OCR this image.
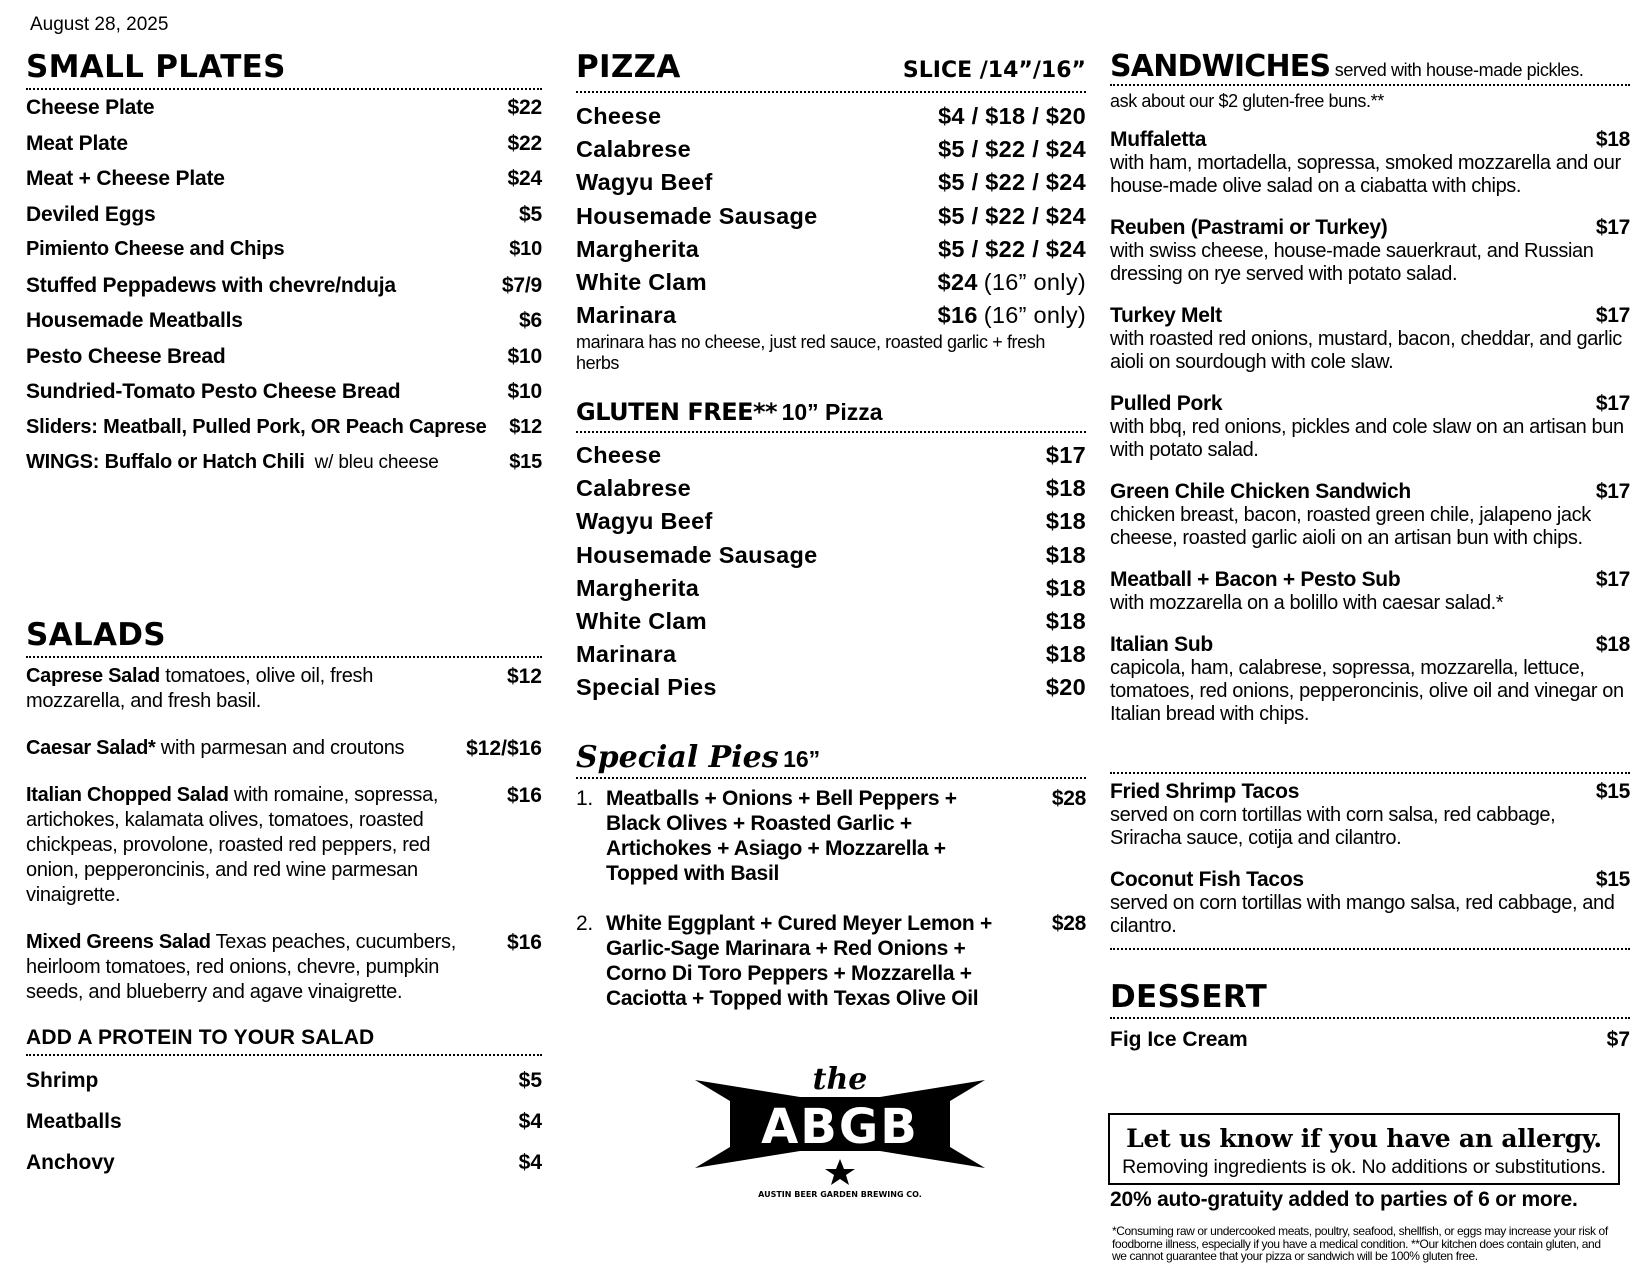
August 28, 2025
SMALL PLATES
Cheese Plate	$22
Meat Plate	$22
Meat + Cheese Plate	$24
Deviled Eggs	$5
Pimiento Cheese and Chips	$10
Stuffed Peppadews with chevre/nduja	$7/9
Housemade Meatballs	$6
Pesto Cheese Bread	$10
Sundried-Tomato Pesto Cheese Bread	$10
Sliders: Meatball, Pulled Pork, OR Peach Caprese $12
WINGS: Buffalo or Hatch Chili w/ bleu cheese	$15
SALADS
Caprese Salad tomatoes, olive oil, fresh mozzarella, and fresh basil.
$12
Caesar Salad* with parmesan and croutons	$12/$16
Italian Chopped Salad with romaine, sopressa, artichokes, kalamata olives, tomatoes, roasted chickpeas, provolone, roasted red peppers, red onion, pepperoncinis, and red wine parmesan vinaigrette.
$16
Mixed Greens Salad Texas peaches, cucumbers, heirloom tomatoes, red onions, chevre, pumpkin seeds, and blueberry and agave vinaigrette.
$16
ADD A PROTEIN TO YOUR SALAD
Shrimp	$5
Meatballs	$4
Anchovy	$4
PIZZA	SLICE /14”/16”
Cheese	$4 / $18 / $20
Calabrese	$5 / $22 / $24
Wagyu Beef	$5 / $22 / $24
Housemade Sausage	$5 / $22 / $24
Margherita	$5 / $22 / $24
White Clam	$24 (16” only)
Marinara	$16 (16” only)
marinara has no cheese, just red sauce, roasted garlic + fresh herbs
GLUTEN FREE** 10” Pizza
Cheese	$17
Calabrese	$18
Wagyu Beef	$18
Housemade Sausage	$18
Margherita	$18
White Clam	$18
Marinara	$18
Special Pies	$20
Special Pies 16”
1. Meatballs + Onions + Bell Peppers + Black Olives + Roasted Garlic + Artichokes + Asiago + Mozzarella + Topped with Basil
$28
2. White Eggplant + Cured Meyer Lemon + Garlic-Sage Marinara + Red Onions + Corno Di Toro Peppers + Mozzarella + Caciotta + Topped with Texas Olive Oil
$28
ABGB
the
AUSTIN BEER GARDEN BREWING CO.
SANDWICHES served with house-made pickles.
ask about our $2 gluten-free buns.**
Muffaletta	$18
with ham, mortadella, sopressa, smoked mozzarella and our house-made olive salad on a ciabatta with chips.
Reuben (Pastrami or Turkey)	$17
with swiss cheese, house-made sauerkraut, and Russian dressing on rye served with potato salad.
Turkey Melt	$17
with roasted red onions, mustard, bacon, cheddar, and garlic aioli on sourdough with cole slaw.
Pulled Pork	$17
with bbq, red onions, pickles and cole slaw on an artisan bun with potato salad.
Green Chile Chicken Sandwich	$17
chicken breast, bacon, roasted green chile, jalapeno jack cheese, roasted garlic aioli on an artisan bun with chips.
Meatball + Bacon + Pesto Sub	$17
with mozzarella on a bolillo with caesar salad.*
Italian Sub	$18
capicola, ham, calabrese, sopressa, mozzarella, lettuce, tomatoes, red onions, pepperoncinis, olive oil and vinegar on Italian bread with chips.
Fried Shrimp Tacos	$15
served on corn tortillas with corn salsa, red cabbage, Sriracha sauce, cotija and cilantro.
Coconut Fish Tacos	$15
served on corn tortillas with mango salsa, red cabbage, and cilantro.
DESSERT
Fig Ice Cream	$7
Let us know if you have an allergy.
Removing ingredients is ok. No additions or substitutions.
20% auto-gratuity added to parties of 6 or more.
*Consuming raw or undercooked meats, poultry, seafood, shellfish, or eggs may increase your risk of foodborne illness, especially if you have a medical condition. **Our kitchen does contain gluten, and we cannot guarantee that your pizza or sandwich will be 100% gluten free.
